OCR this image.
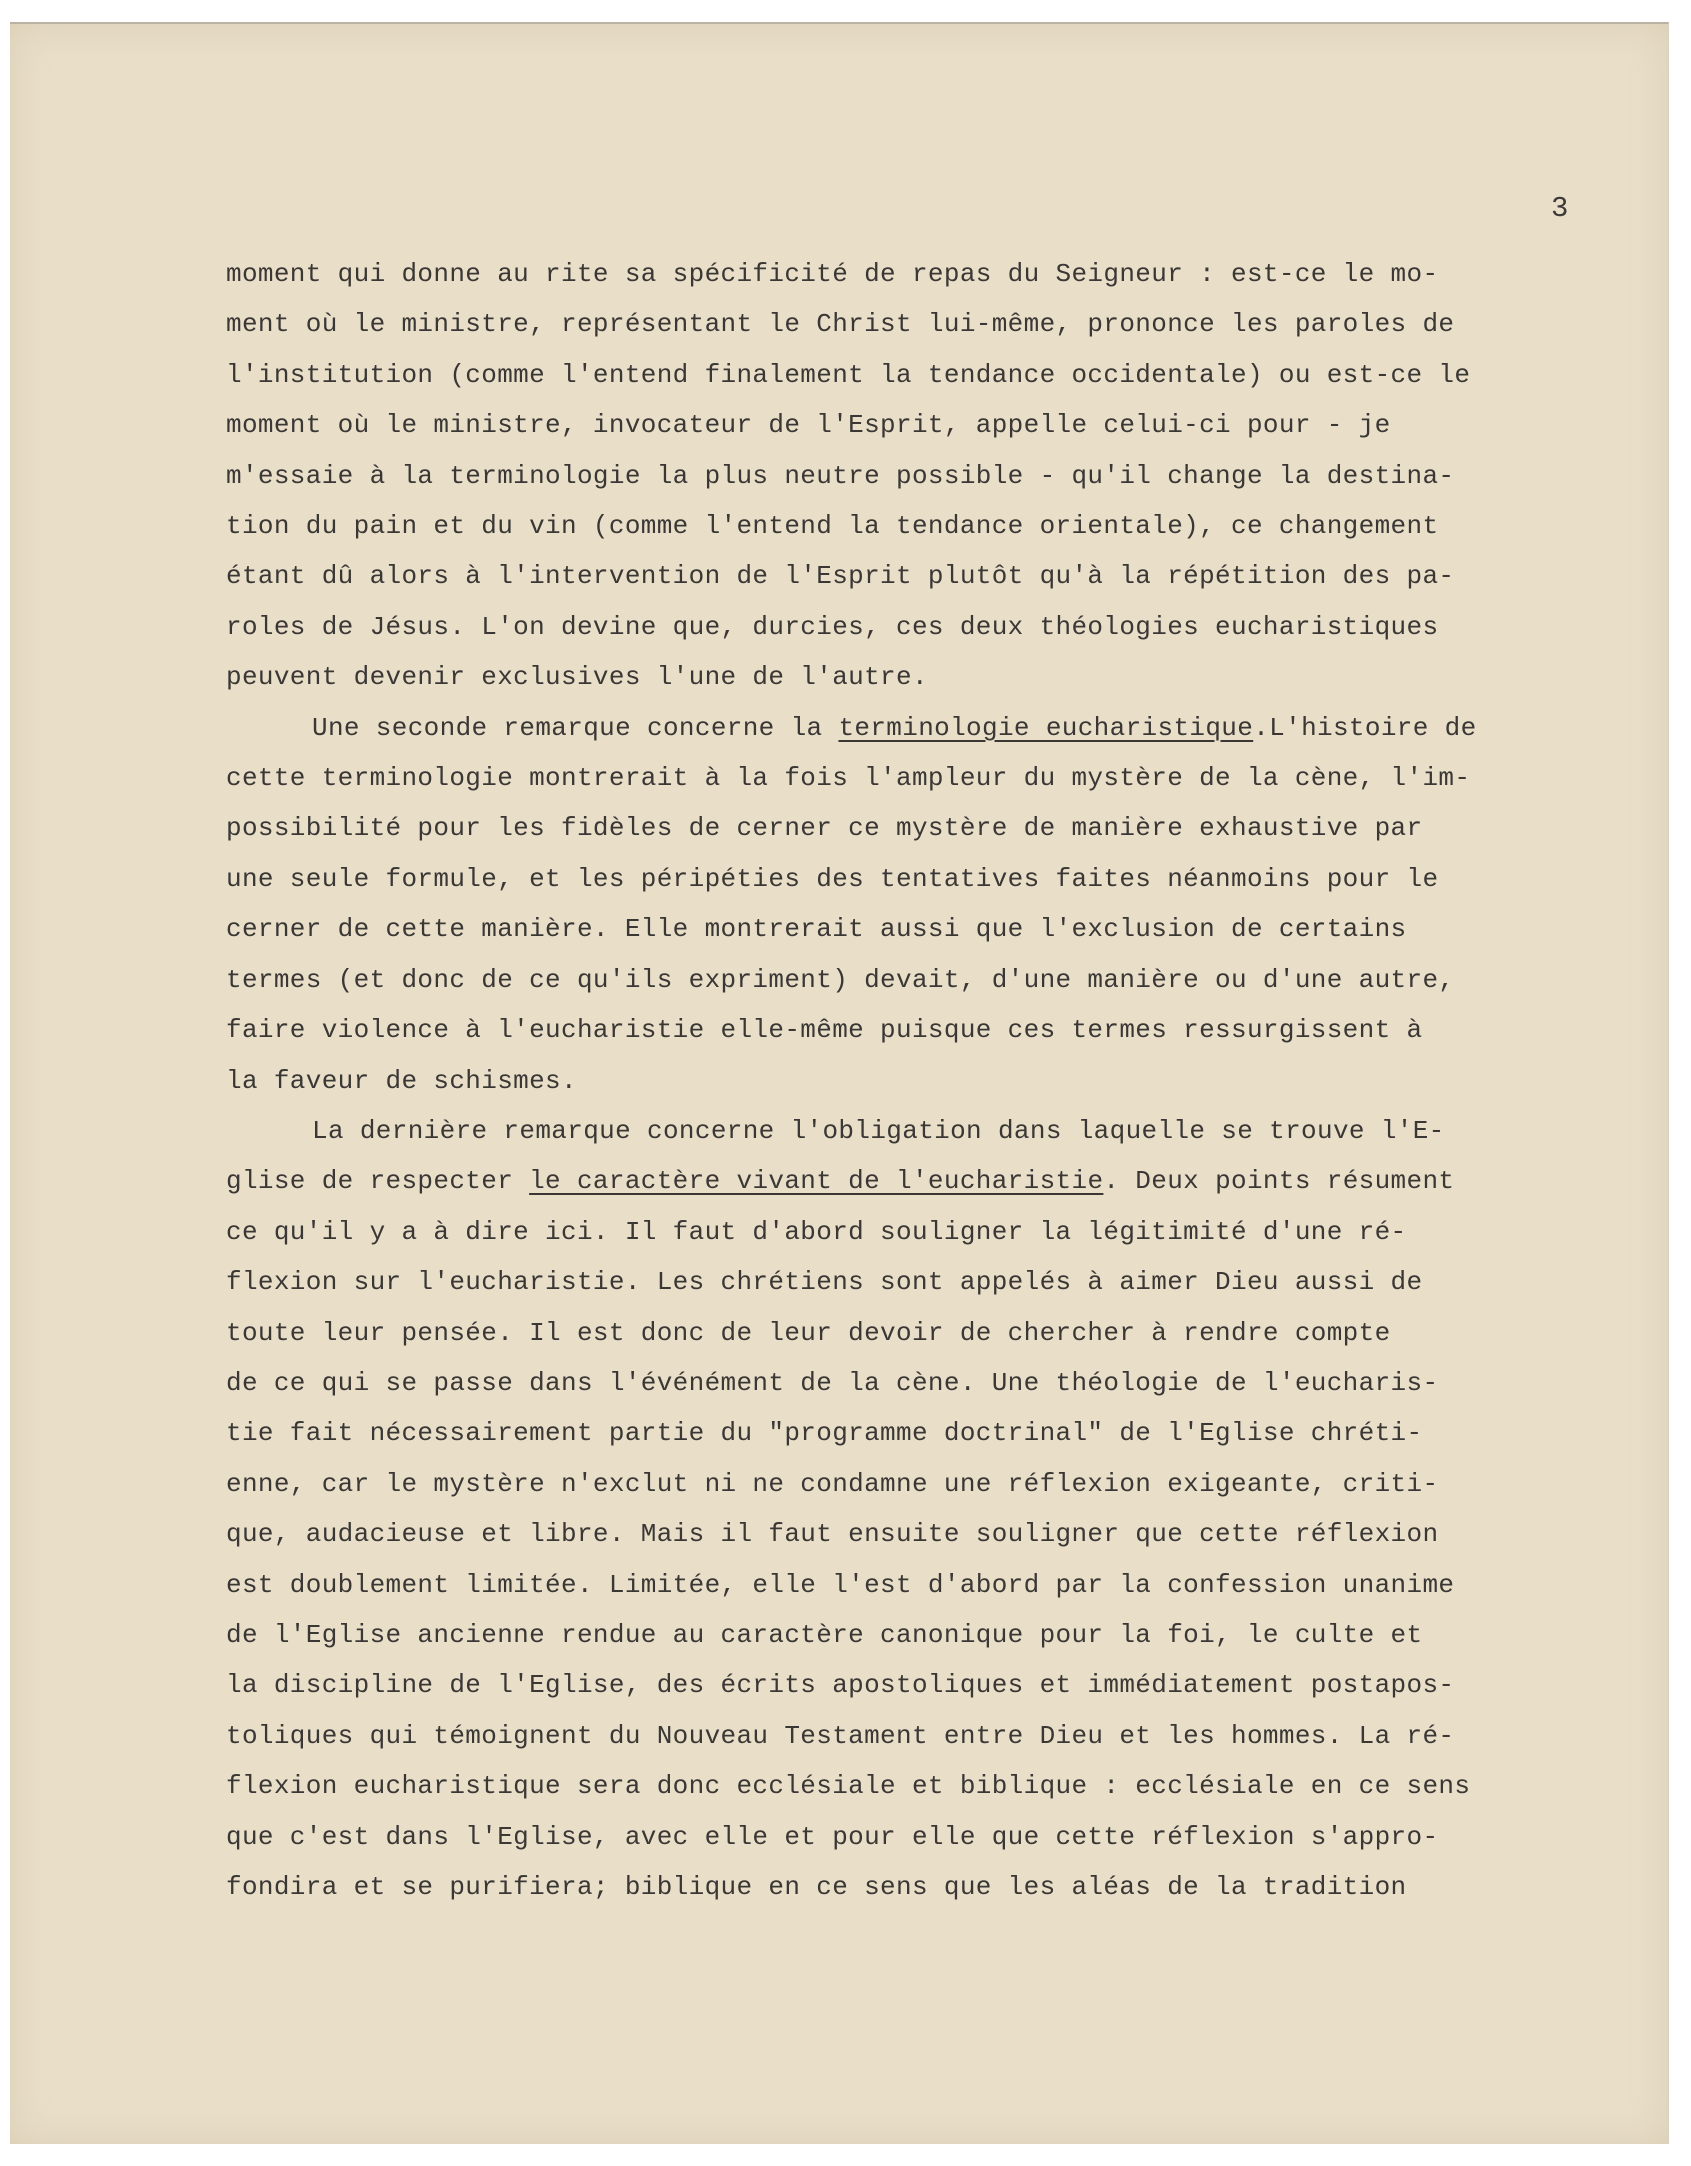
3

moment qui donne au rite sa spécificité de repas du Seigneur : est-ce le mo-
ment où le ministre, représentant le Christ lui-même, prononce les paroles de
l'institution (comme l'entend finalement la tendance occidentale) ou est-ce le
moment où le ministre, invocateur de l'Esprit, appelle celui-ci pour - je
m'essaie à la terminologie la plus neutre possible - qu'il change la destina-
tion du pain et du vin (comme l'entend la tendance orientale), ce changement
étant dû alors à l'intervention de l'Esprit plutôt qu'à la répétition des pa-
roles de Jésus. L'on devine que, durcies, ces deux théologies eucharistiques
peuvent devenir exclusives l'une de l'autre.
Une seconde remarque concerne la terminologie eucharistique.L'histoire de
cette terminologie montrerait à la fois l'ampleur du mystère de la cène, l'im-
possibilité pour les fidèles de cerner ce mystère de manière exhaustive par
une seule formule, et les péripéties des tentatives faites néanmoins pour le
cerner de cette manière. Elle montrerait aussi que l'exclusion de certains
termes (et donc de ce qu'ils expriment) devait, d'une manière ou d'une autre,
faire violence à l'eucharistie elle-même puisque ces termes ressurgissent à
la faveur de schismes.
La dernière remarque concerne l'obligation dans laquelle se trouve l'E-
glise de respecter le caractère vivant de l'eucharistie. Deux points résument
ce qu'il y a à dire ici. Il faut d'abord souligner la légitimité d'une ré-
flexion sur l'eucharistie. Les chrétiens sont appelés à aimer Dieu aussi de
toute leur pensée. Il est donc de leur devoir de chercher à rendre compte
de ce qui se passe dans l'événément de la cène. Une théologie de l'eucharis-
tie fait nécessairement partie du "programme doctrinal" de l'Eglise chréti-
enne, car le mystère n'exclut ni ne condamne une réflexion exigeante, criti-
que, audacieuse et libre. Mais il faut ensuite souligner que cette réflexion
est doublement limitée. Limitée, elle l'est d'abord par la confession unanime
de l'Eglise ancienne rendue au caractère canonique pour la foi, le culte et
la discipline de l'Eglise, des écrits apostoliques et immédiatement postapos-
toliques qui témoignent du Nouveau Testament entre Dieu et les hommes. La ré-
flexion eucharistique sera donc ecclésiale et biblique : ecclésiale en ce sens
que c'est dans l'Eglise, avec elle et pour elle que cette réflexion s'appro-
fondira et se purifiera; biblique en ce sens que les aléas de la tradition
